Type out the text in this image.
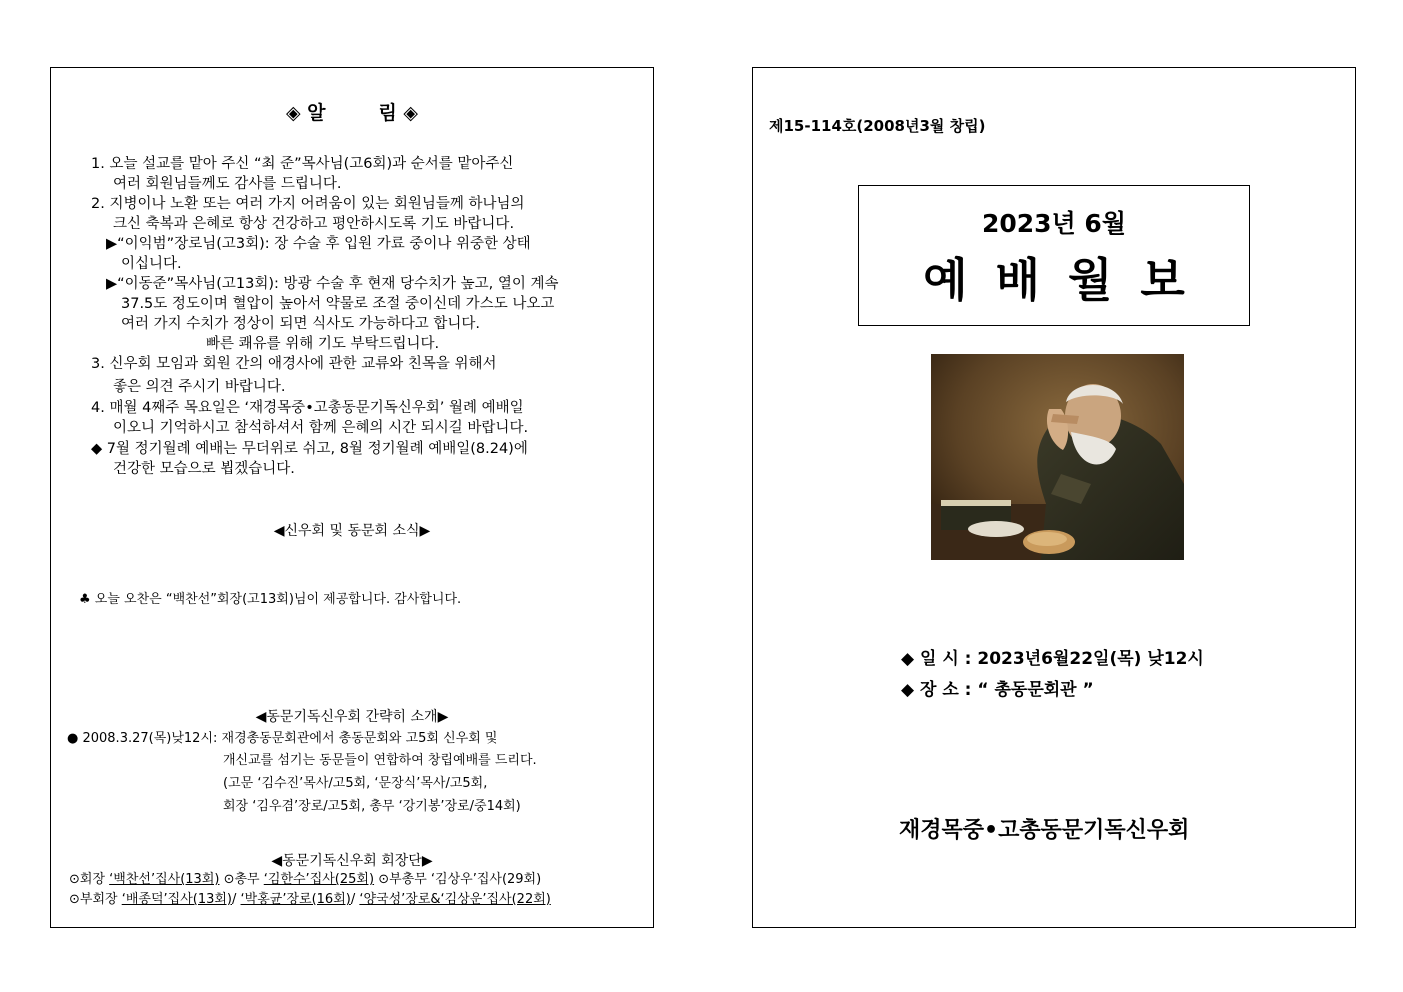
◈ 알        림 ◈
1. 오늘 설교를 맡아 주신 “최 준”목사님(고6회)과 순서를 맡아주신
여러 회원님들께도 감사를 드립니다.
2. 지병이나 노환 또는 여러 가지 어려움이 있는 회원님들께 하나님의
크신 축복과 은혜로 항상 건강하고 평안하시도록 기도 바랍니다.
▶“이익범”장로님(고3회): 장 수술 후 입원 가료 중이나 위중한 상태
이십니다.
▶“이동준”목사님(고13회): 방광 수술 후 현재 당수치가 높고, 열이 계속
37.5도 정도이며 혈압이 높아서 약물로 조절 중이신데 가스도 나오고
여러 가지 수치가 정상이 되면 식사도 가능하다고 합니다.
빠른 쾌유를 위해 기도 부탁드립니다.
3. 신우회 모임과 회원 간의 애경사에 관한 교류와 친목을 위해서
좋은 의견 주시기 바랍니다.
4. 매월 4째주 목요일은 ‘재경목중•고총동문기독신우회’ 월례 예배일
이오니 기억하시고 참석하셔서 함께 은혜의 시간 되시길 바랍니다.
◆ 7월 정기월례 예배는 무더위로 쉬고, 8월 정기월례 예배일(8.24)에
건강한 모습으로 뵙겠습니다.
◀신우회 및 동문회 소식▶
♣ 오늘 오찬은 “백찬선”회장(고13회)님이 제공합니다. 감사합니다.
◀동문기독신우회 간략히 소개▶
● 2008.3.27(목)낮12시: 재경총동문회관에서 총동문회와 고5회 신우회 및
개신교를 섬기는 동문들이 연합하여 창립예배를 드리다.
(고문 ‘김수진’목사/고5회, ‘문장식’목사/고5회,
회장 ‘김우겸’장로/고5회, 총무 ‘강기봉’장로/중14회)
◀동문기독신우회 회장단▶
⊙회장 ‘백찬선’집사(13회) ⊙총무 ‘김한수’집사(25회) ⊙부총무 ‘김상우’집사(29회)
⊙부회장 ‘배종덕’집사(13회)/ ‘박홍균’장로(16회)/ ‘양국성’장로&‘김상운’집사(22회)
제15-114호(2008년3월 창립)
2023년 6월
예배월보
◆ 일 시 : 2023년6월22일(목) 낮12시
◆ 장 소 : “ 총동문회관 ”
재경목중•고총동문기독신우회
